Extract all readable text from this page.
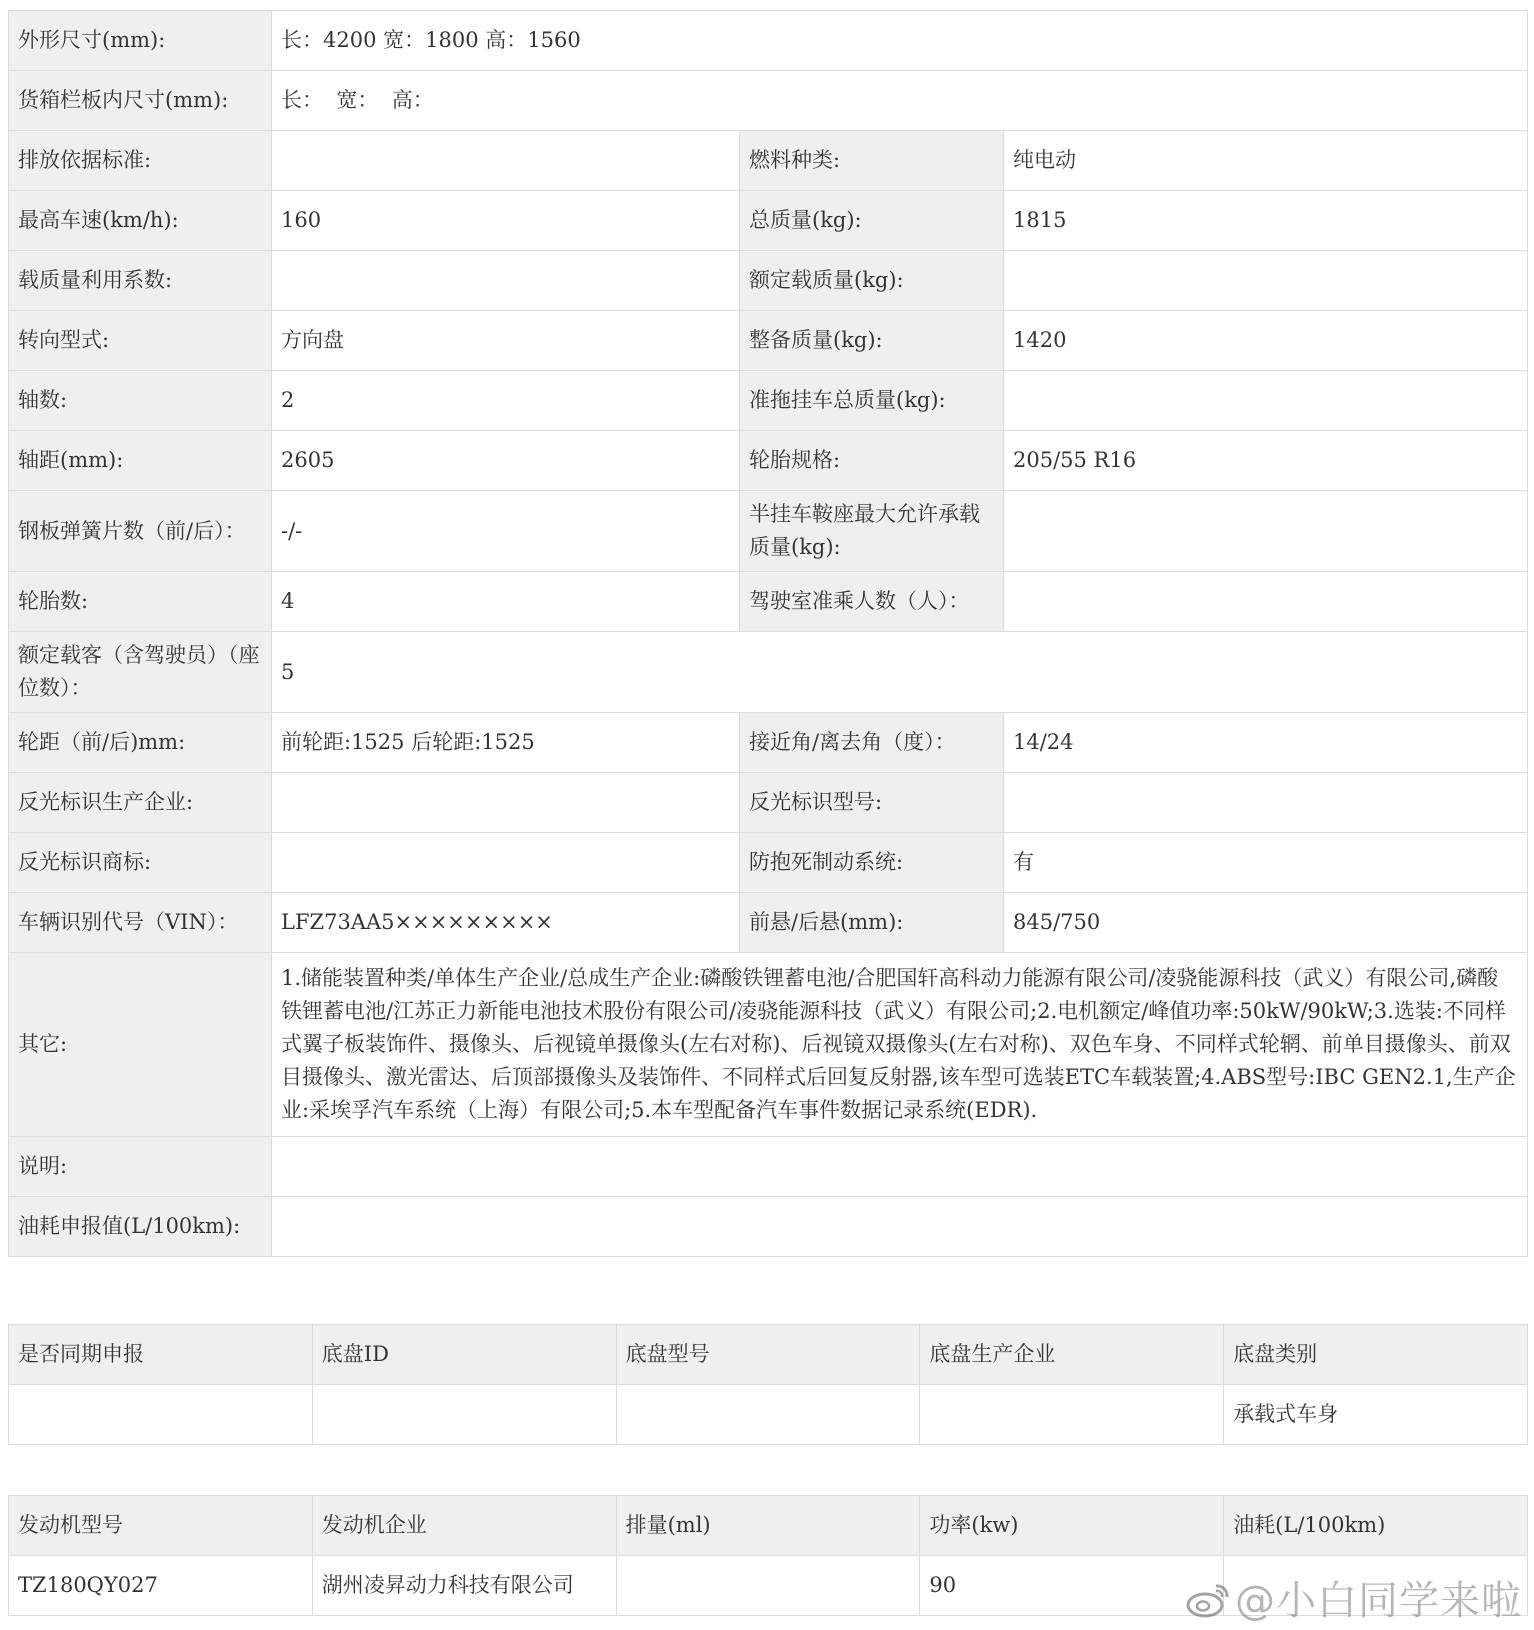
外形尺寸(mm):	长：4200 宽：1800 高：1560		
货箱栏板内尺寸(mm):	长：  宽：  高：		
排放依据标准:		燃料种类:	纯电动
最高车速(km/h):	160	总质量(kg):	1815
载质量利用系数:		额定载质量(kg):	
转向型式:	方向盘	整备质量(kg):	1420
轴数:	2	准拖挂车总质量(kg):	
轴距(mm):	2605	轮胎规格:	205/55 R16
钢板弹簧片数（前/后）：	-/-	半挂车鞍座最大允许承载质量(kg):	
轮胎数:	4	驾驶室准乘人数（人）：	
额定载客（含驾驶员）（座位数）：	5		
轮距（前/后)mm:	前轮距:1525 后轮距:1525	接近角/离去角（度）：	14/24
反光标识生产企业:		反光标识型号:	
反光标识商标:		防抱死制动系统:	有
车辆识别代号（VIN）：	LFZ73AA5×××××××××	前悬/后悬(mm):	845/750
其它:	1.储能装置种类/单体生产企业/总成生产企业:磷酸铁锂蓄电池/合肥国轩高科动力能源有限公司/凌骁能源科技（武义）有限公司,磷酸铁锂蓄电池/江苏正力新能电池技术股份有限公司/凌骁能源科技（武义）有限公司;2.电机额定/峰值功率:50kW/90kW;3.选装:不同样式翼子板装饰件、摄像头、后视镜单摄像头(左右对称)、后视镜双摄像头(左右对称)、双色车身、不同样式轮辋、前单目摄像头、前双目摄像头、激光雷达、后顶部摄像头及装饰件、不同样式后回复反射器,该车型可选装ETC车载装置;4.ABS型号:IBC GEN2.1,生产企业:采埃孚汽车系统（上海）有限公司;5.本车型配备汽车事件数据记录系统(EDR).		
说明:			
油耗申报值(L/100km):			
是否同期申报	底盘ID	底盘型号	底盘生产企业	底盘类别
				承载式车身
发动机型号	发动机企业	排量(ml)	功率(kw)	油耗(L/100km)
TZ180QY027	湖州凌昇动力科技有限公司		90		@小白同学来啦
